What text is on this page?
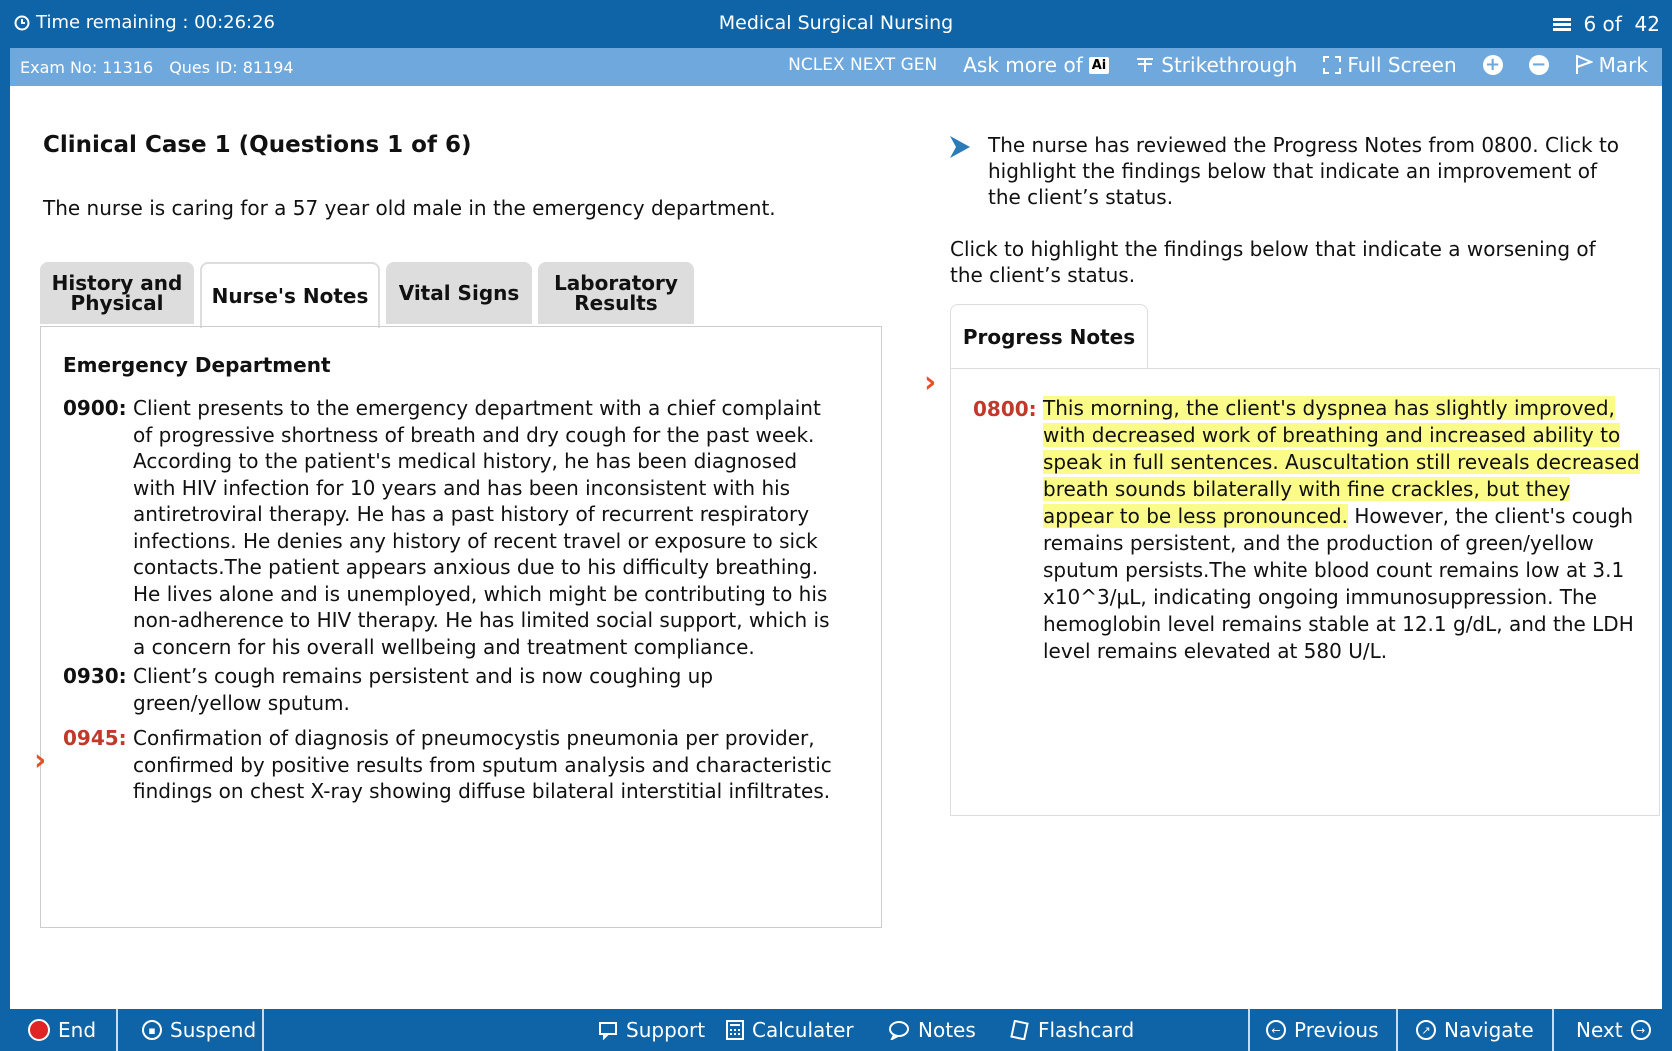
Time remaining : 00:26:26	Medical Surgical Nursing	6 of  42
Exam No: 11316 Ques ID: 81194	NCLEX NEXT GEN Ask more of Ai	Strikethrough	Full Screen + −	Mark
Clinical Case 1 (Questions 1 of 6)
The nurse is caring for a 57 year old male in the emergency department.
History and Physical	Nurse's Notes	Vital Signs	Laboratory Results
Emergency Department
0900: Client presents to the emergency department with a chief complaint of progressive shortness of breath and dry cough for the past week. According to the patient's medical history, he has been diagnosed with HIV infection for 10 years and has been inconsistent with his antiretroviral therapy. He has a past history of recurrent respiratory infections. He denies any history of recent travel or exposure to sick contacts.The patient appears anxious due to his difficulty breathing. He lives alone and is unemployed, which might be contributing to his non-adherence to HIV therapy. He has limited social support, which is a concern for his overall wellbeing and treatment compliance.
0930: Client’s cough remains persistent and is now coughing up green/yellow sputum.
0945: Confirmation of diagnosis of pneumocystis pneumonia per provider, confirmed by positive results from sputum analysis and characteristic findings on chest X-ray showing diffuse bilateral interstitial infiltrates.
›
The nurse has reviewed the Progress Notes from 0800. Click to highlight the findings below that indicate an improvement of the client’s status.
Click to highlight the findings below that indicate a worsening of the client’s status.
Progress Notes
0800: This morning, the client's dyspnea has slightly improved, with decreased work of breathing and increased ability to speak in full sentences. Auscultation still reveals decreased breath sounds bilaterally with fine crackles, but they appear to be less pronounced. However, the client's cough remains persistent, and the production of green/yellow sputum persists.The white blood count remains low at 3.1 x10^3/μL, indicating ongoing immunosuppression. The hemoglobin level remains stable at 12.1 g/dL, and the LDH level remains elevated at 580 U/L.
›
End	▪ Suspend	Support Calculater	Notes	Flashcard	← Previous	↗ Navigate Next	→
